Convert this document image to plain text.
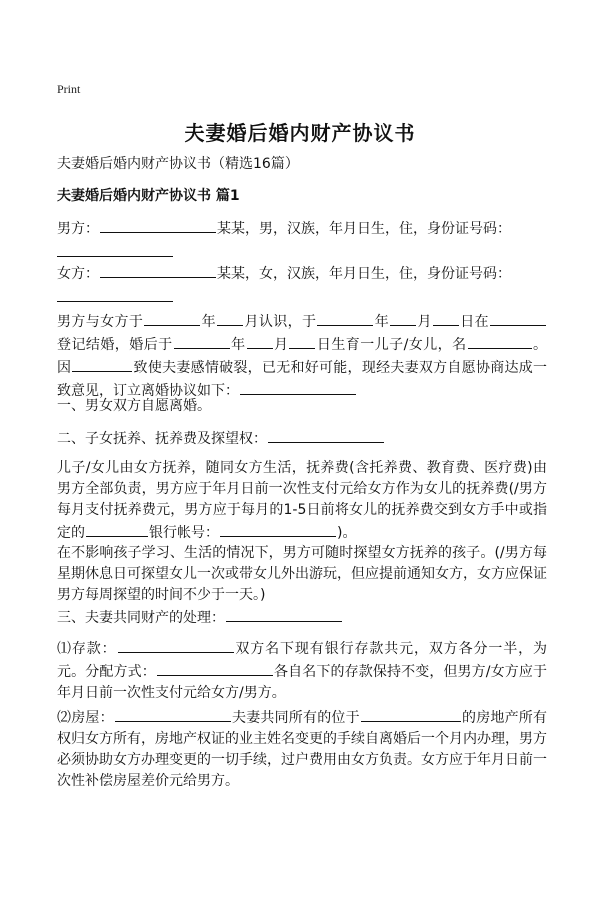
Print
夫妻婚后婚内财产协议书
夫妻婚后婚内财产协议书（精选16篇）
夫妻婚后婚内财产协议书 篇1
男方：	某某，男，汉族，年月日生，住，身份证号码：
女方：	某某，女，汉族，年月日生，住，身份证号码：
男方与女方于	年 月认识，于	年 月 日在登记结婚，婚后于	年 月 日生育一儿子/女儿，名	。因	致使夫妻感情破裂，已无和好可能，现经夫妻双方自愿协商达成一致意见，订立离婚协议如下：
一、男女双方自愿离婚。
二、子女抚养、抚养费及探望权：
儿子/女儿由女方抚养，随同女方生活，抚养费(含托养费、教育费、医疗费)由男方全部负责，男方应于年月日前一次性支付元给女方作为女儿的抚养费(/男方每月支付抚养费元，男方应于每月的1-5日前将女儿的抚养费交到女方手中或指定的	银行帐号：	)。
在不影响孩子学习、生活的情况下，男方可随时探望女方抚养的孩子。(/男方每星期休息日可探望女儿一次或带女儿外出游玩，但应提前通知女方，女方应保证男方每周探望的时间不少于一天。)
三、夫妻共同财产的处理：
⑴存款：	双方名下现有银行存款共元，双方各分一半，为元。分配方式：	各自名下的存款保持不变，但男方/女方应于年月日前一次性支付元给女方/男方。
⑵房屋：	夫妻共同所有的位于	的房地产所有权归女方所有，房地产权证的业主姓名变更的手续自离婚后一个月内办理，男方必须协助女方办理变更的一切手续，过户费用由女方负责。女方应于年月日前一次性补偿房屋差价元给男方。
